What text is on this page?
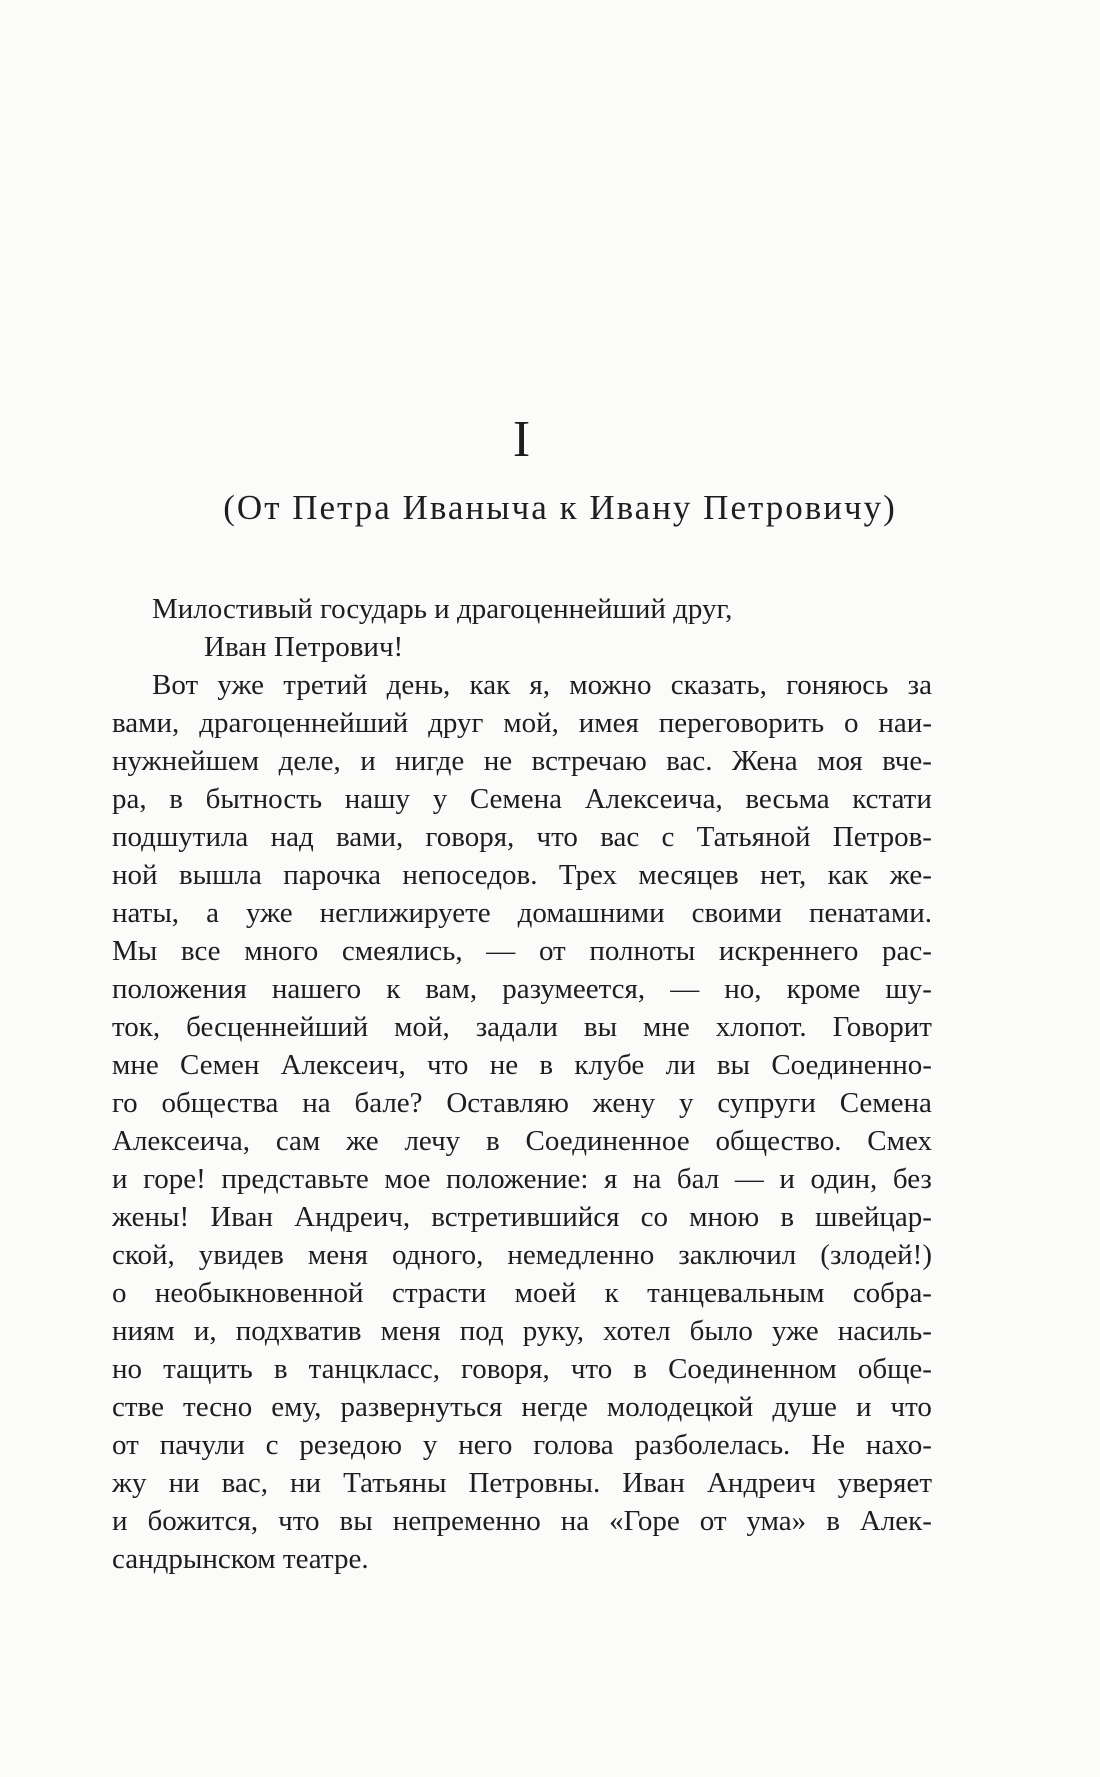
I
(От Петра Иваныча к Ивану Петровичу)
Милостивый государь и драгоценнейший друг,
Иван Петрович!
Вот уже третий день, как я, можно сказать, гоняюсь за
вами, драгоценнейший друг мой, имея переговорить о наи-
нужнейшем деле, и нигде не встречаю вас. Жена моя вче-
ра, в бытность нашу у Семена Алексеича, весьма кстати
подшутила над вами, говоря, что вас с Татьяной Петров-
ной вышла парочка непоседов. Трех месяцев нет, как же-
наты, а уже неглижируете домашними своими пенатами.
Мы все много смеялись, — от полноты искреннего рас-
положения нашего к вам, разумеется, — но, кроме шу-
ток, бесценнейший мой, задали вы мне хлопот. Говорит
мне Семен Алексеич, что не в клубе ли вы Соединенно-
го общества на бале? Оставляю жену у супруги Семена
Алексеича, сам же лечу в Соединенное общество. Смех
и горе! представьте мое положение: я на бал — и один, без
жены! Иван Андреич, встретившийся со мною в швейцар-
ской, увидев меня одного, немедленно заключил (злодей!)
о необыкновенной страсти моей к танцевальным собра-
ниям и, подхватив меня под руку, хотел было уже насиль-
но тащить в танцкласс, говоря, что в Соединенном обще-
стве тесно ему, развернуться негде молодецкой душе и что
от пачули с резедою у него голова разболелась. Не нахо-
жу ни вас, ни Татьяны Петровны. Иван Андреич уверяет
и божится, что вы непременно на «Горе от ума» в Алек-
сандрынском театре.
